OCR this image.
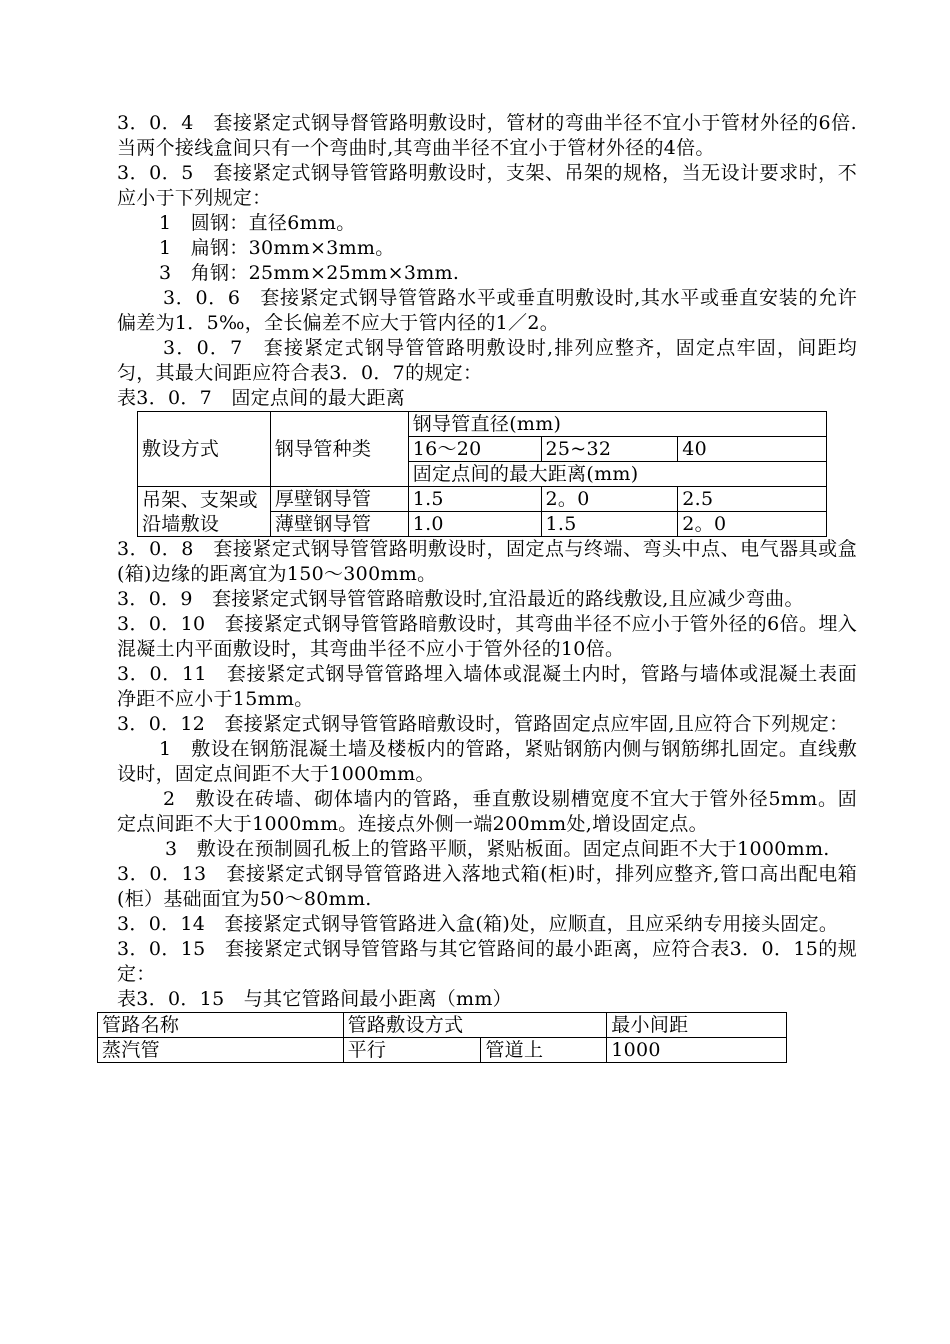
3．0．4　套接紧定式钢导督管路明敷设时，管材的弯曲半径不宜小于管材外径的6倍.当两个接线盒间只有一个弯曲时,其弯曲半径不宜小于管材外径的4倍。

3．0．5　套接紧定式钢导管管路明敷设时，支架、吊架的规格，当无设计要求时，不应小于下列规定：

1　圆钢：直径6mm。

1　扁钢：30mm×3mm。

3　角钢：25mm×25mm×3mm.

3．0．6　套接紧定式钢导管管路水平或垂直明敷设时,其水平或垂直安装的允许偏差为1．5‰，全长偏差不应大于管内径的1／2。

3．0．7　套接紧定式钢导管管路明敷设时,排列应整齐，固定点牢固，间距均匀，其最大间距应符合表3．0．7的规定：

表3．0．7　固定点间的最大距离

敷设方式	钢导管种类	钢导管直径(mm)		
		16～20	25~32	40
		固定点间的最大距离(mm)		
吊架、支架或沿墙敷设	厚壁钢导管	1.5	2。0	2.5
	薄壁钢导管	1.0	1.5	2。0

3．0．8　套接紧定式钢导管管路明敷设时，固定点与终端、弯头中点、电气器具或盒(箱)边缘的距离宜为150～300mm。

3．0．9　套接紧定式钢导管管路暗敷设时,宜沿最近的路线敷设,且应减少弯曲。

3．0．10　套接紧定式钢导管管路暗敷设时，其弯曲半径不应小于管外径的6倍。埋入混凝土内平面敷设时，其弯曲半径不应小于管外径的10倍。

3．0．11　套接紧定式钢导管管路埋入墙体或混凝土内时，管路与墙体或混凝土表面净距不应小于15mm。

3．0．12　套接紧定式钢导管管路暗敷设时，管路固定点应牢固,且应符合下列规定：

1　敷设在钢筋混凝土墙及楼板内的管路，紧贴钢筋内侧与钢筋绑扎固定。直线敷设时，固定点间距不大于1000mm。

2　敷设在砖墙、砌体墙内的管路，垂直敷设剔槽宽度不宜大于管外径5mm。固定点间距不大于1000mm。连接点外侧一端200mm处,增设固定点。

3　敷设在预制圆孔板上的管路平顺，紧贴板面。固定点间距不大于1000mm.

3．0．13　套接紧定式钢导管管路进入落地式箱(柜)时，排列应整齐,管口高出配电箱(柜）基础面宜为50～80mm.

3．0．14　套接紧定式钢导管管路进入盒(箱)处，应顺直，且应采纳专用接头固定。

3．0．15　套接紧定式钢导管管路与其它管路间的最小距离，应符合表3．0．15的规定：

表3．0．15　与其它管路间最小距离（mm）

管路名称	管路敷设方式		最小间距
蒸汽管	平行	管道上	1000
